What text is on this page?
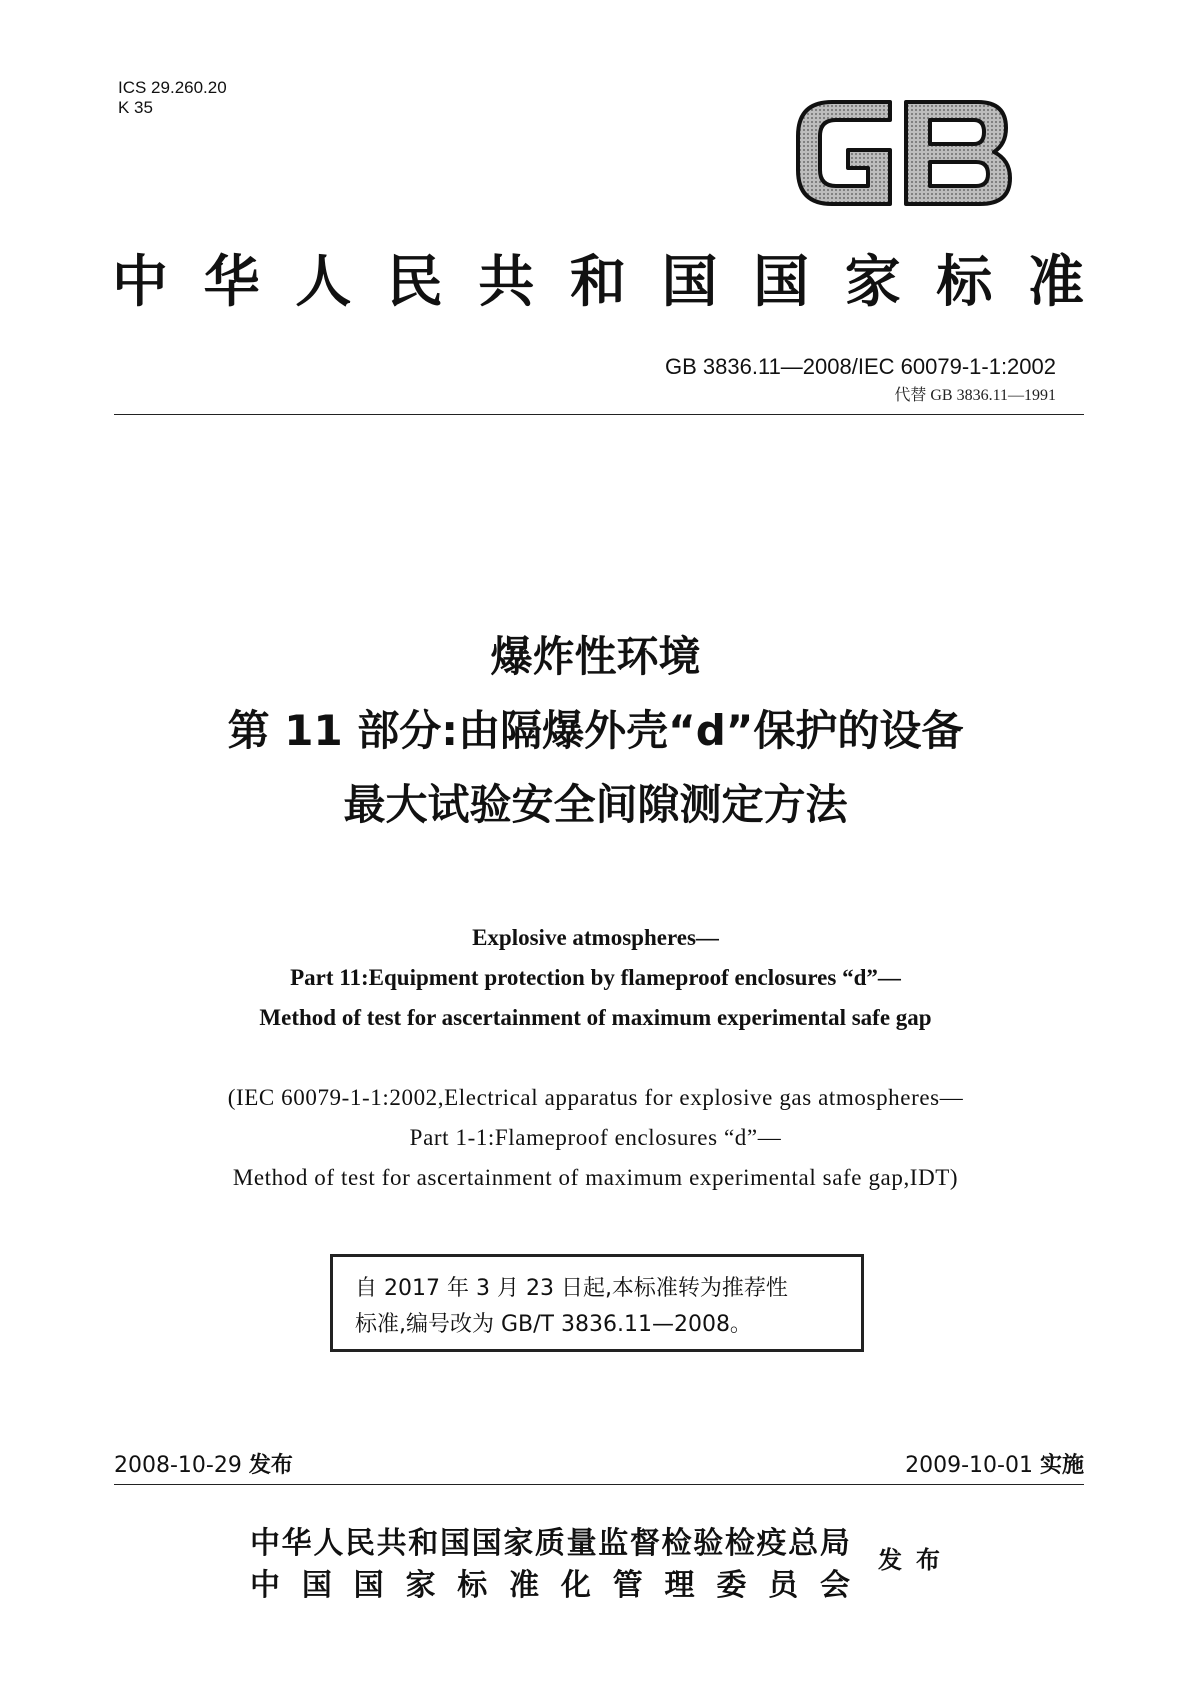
ICS 29.260.20
K 35
中 华 人 民 共 和 国 国 家 标 准
GB 3836.11—2008/IEC 60079-1-1:2002
代替 GB 3836.11—1991
爆炸性环境
第 11 部分:由隔爆外壳“d”保护的设备
最大试验安全间隙测定方法
Explosive atmospheres—
Part 11:Equipment protection by flameproof enclosures “d”—
Method of test for ascertainment of maximum experimental safe gap
(IEC 60079-1-1:2002,Electrical apparatus for explosive gas atmospheres—
Part 1-1:Flameproof enclosures “d”—
Method of test for ascertainment of maximum experimental safe gap,IDT)
自 2017 年 3 月 23 日起,本标准转为推荐性
标准,编号改为 GB/T 3836.11—2008。
2008-10-29 发布	2009-10-01 实施
中 华 人 民 共 和 国 国 家 质 量 监 督 检 验 检 疫 总 局
中 国 国 家 标 准 化 管 理 委 员 会
发布
